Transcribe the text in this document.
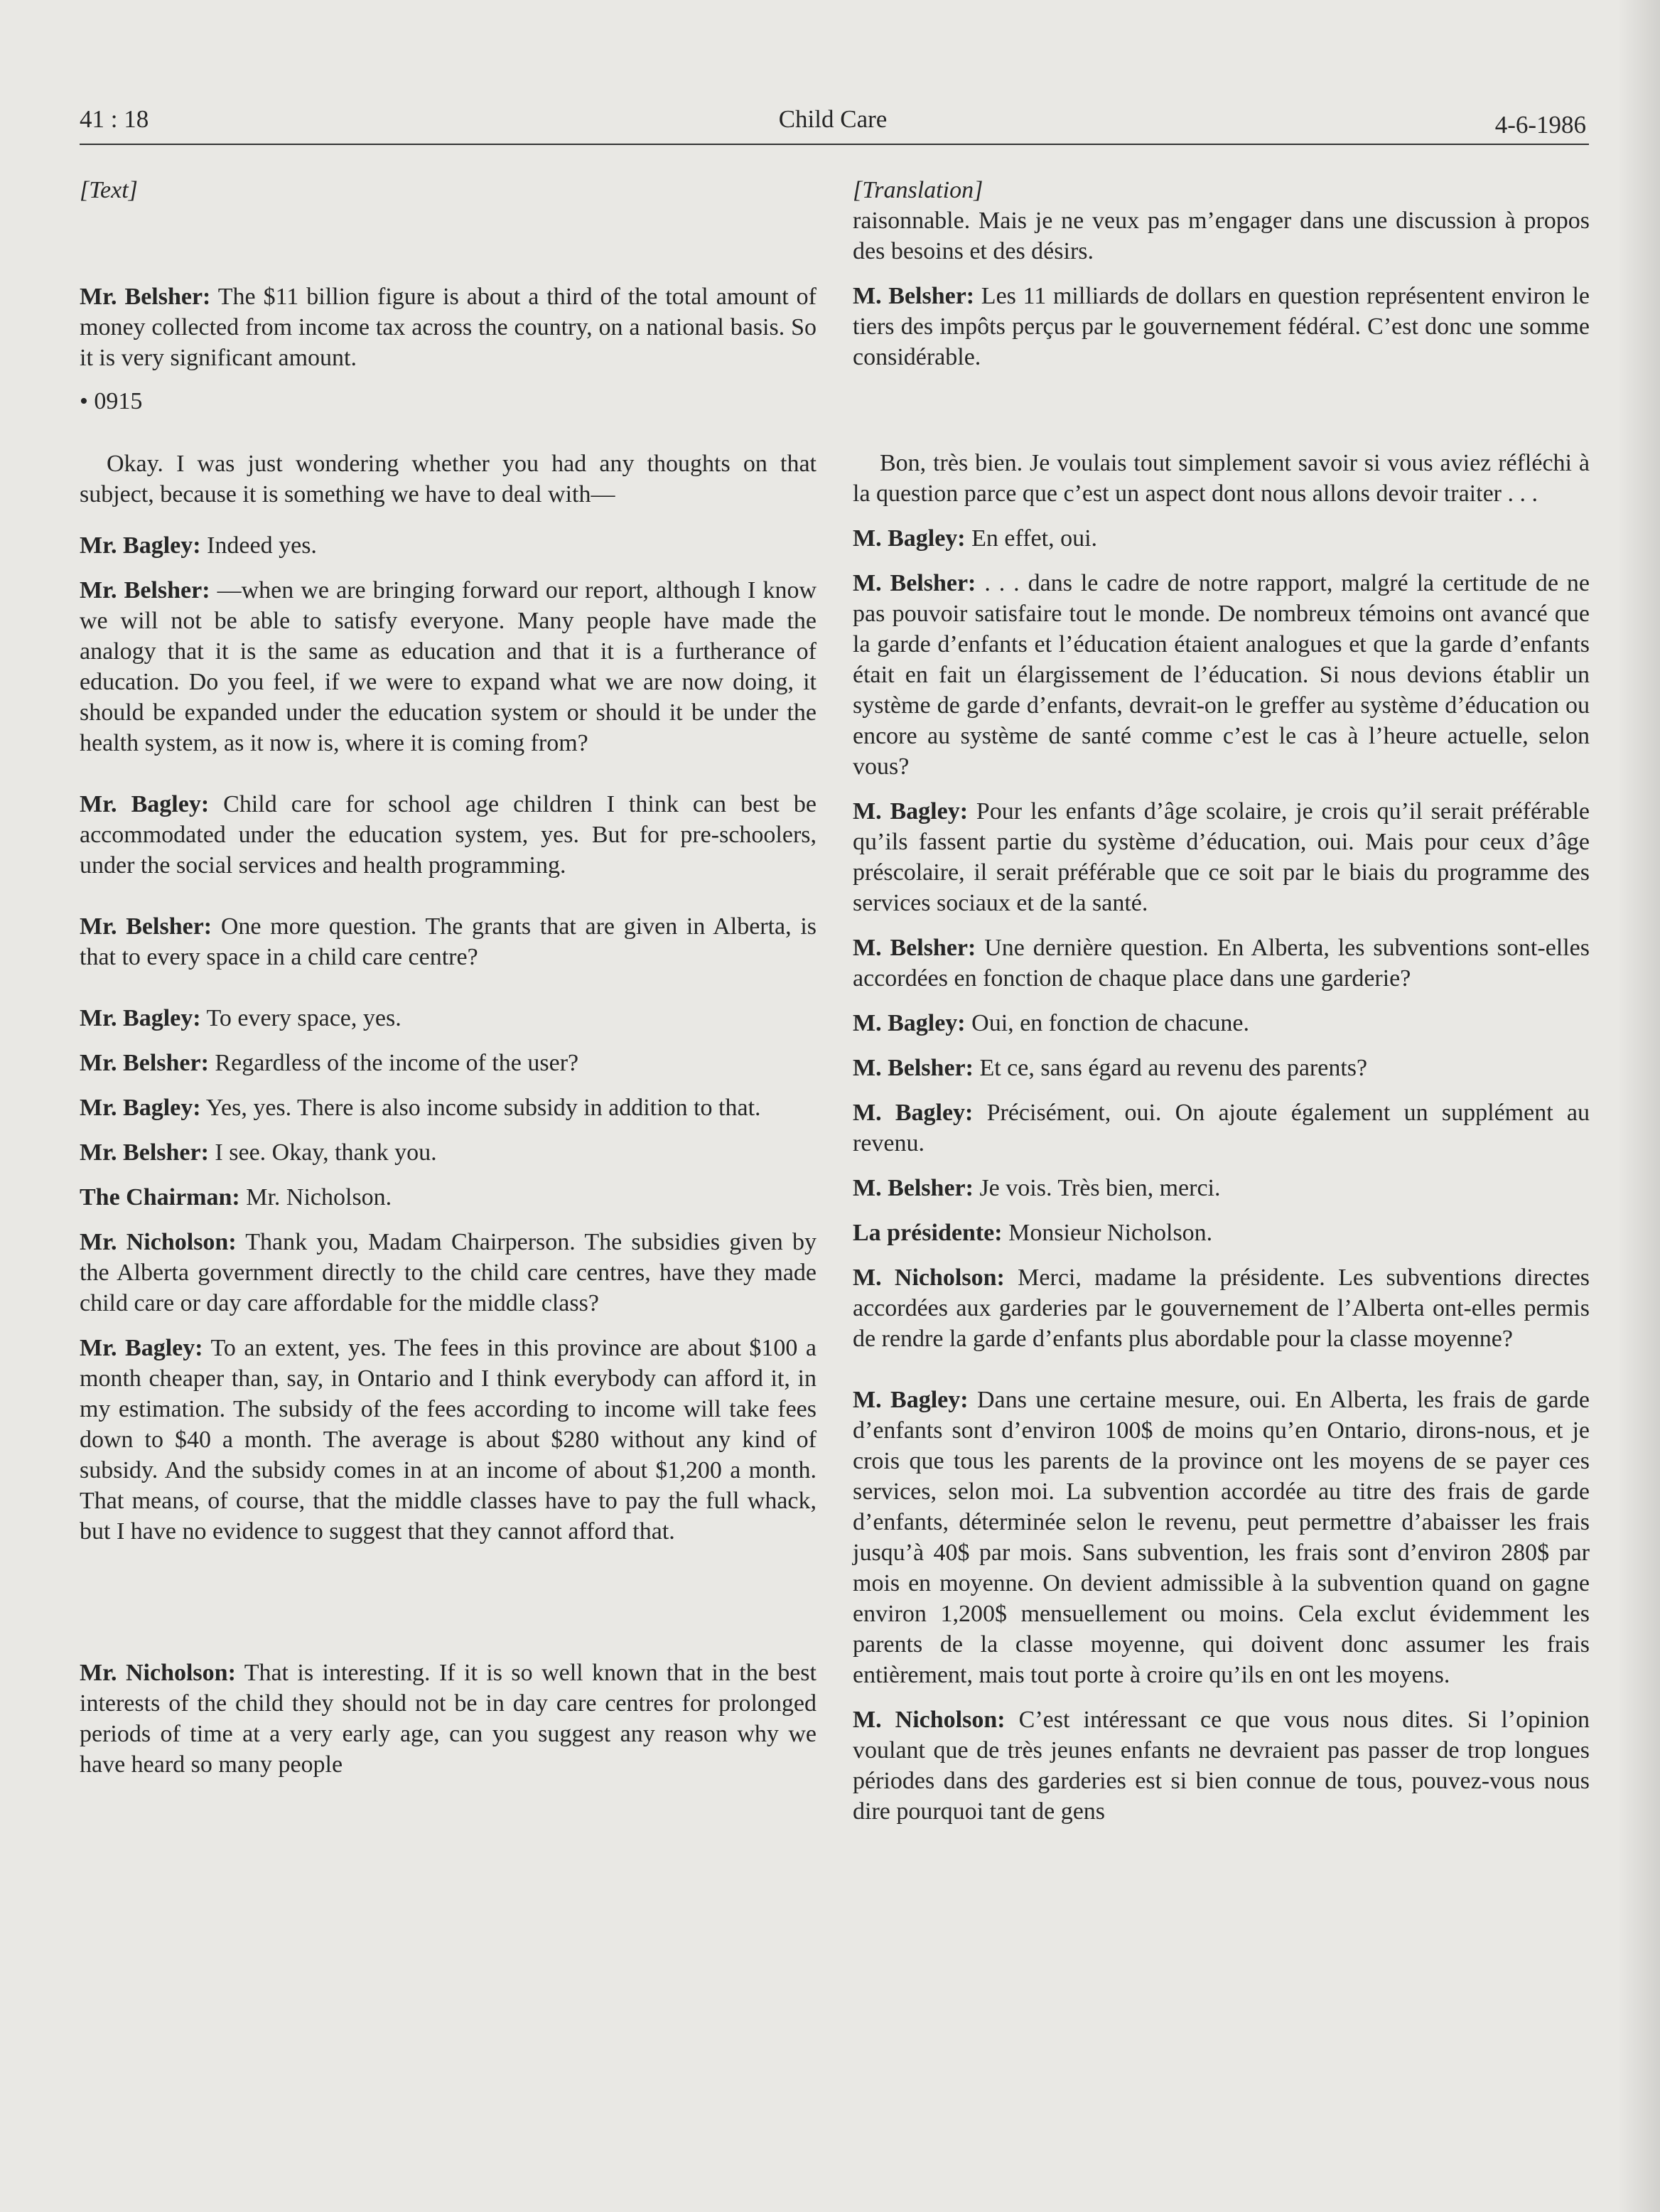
41 : 18	Child Care	4-6-1986

[Text]

Mr. Belsher: The $11 billion figure is about a third of the total amount of money collected from income tax across the country, on a national basis. So it is very significant amount.

• 0915

Okay. I was just wondering whether you had any thoughts on that subject, because it is something we have to deal with—

Mr. Bagley: Indeed yes.

Mr. Belsher: —when we are bringing forward our report, although I know we will not be able to satisfy everyone. Many people have made the analogy that it is the same as education and that it is a furtherance of education. Do you feel, if we were to expand what we are now doing, it should be expanded under the education system or should it be under the health system, as it now is, where it is coming from?

Mr. Bagley: Child care for school age children I think can best be accommodated under the education system, yes. But for pre-schoolers, under the social services and health programming.

Mr. Belsher: One more question. The grants that are given in Alberta, is that to every space in a child care centre?

Mr. Bagley: To every space, yes.

Mr. Belsher: Regardless of the income of the user?

Mr. Bagley: Yes, yes. There is also income subsidy in addition to that.

Mr. Belsher: I see. Okay, thank you.

The Chairman: Mr. Nicholson.

Mr. Nicholson: Thank you, Madam Chairperson. The subsidies given by the Alberta government directly to the child care centres, have they made child care or day care affordable for the middle class?

Mr. Bagley: To an extent, yes. The fees in this province are about $100 a month cheaper than, say, in Ontario and I think everybody can afford it, in my estimation. The subsidy of the fees according to income will take fees down to $40 a month. The average is about $280 without any kind of subsidy. And the subsidy comes in at an income of about $1,200 a month. That means, of course, that the middle classes have to pay the full whack, but I have no evidence to suggest that they cannot afford that.

Mr. Nicholson: That is interesting. If it is so well known that in the best interests of the child they should not be in day care centres for prolonged periods of time at a very early age, can you suggest any reason why we have heard so many people

[Translation]

raisonnable. Mais je ne veux pas m’engager dans une discussion à propos des besoins et des désirs.

M. Belsher: Les 11 milliards de dollars en question représentent environ le tiers des impôts perçus par le gouvernement fédéral. C’est donc une somme considérable.

Bon, très bien. Je voulais tout simplement savoir si vous aviez réfléchi à la question parce que c’est un aspect dont nous allons devoir traiter . . .

M. Bagley: En effet, oui.

M. Belsher: . . . dans le cadre de notre rapport, malgré la certitude de ne pas pouvoir satisfaire tout le monde. De nombreux témoins ont avancé que la garde d’enfants et l’éducation étaient analogues et que la garde d’enfants était en fait un élargissement de l’éducation. Si nous devions établir un système de garde d’enfants, devrait-on le greffer au système d’éducation ou encore au système de santé comme c’est le cas à l’heure actuelle, selon vous?

M. Bagley: Pour les enfants d’âge scolaire, je crois qu’il serait préférable qu’ils fassent partie du système d’éducation, oui. Mais pour ceux d’âge préscolaire, il serait préférable que ce soit par le biais du programme des services sociaux et de la santé.

M. Belsher: Une dernière question. En Alberta, les subventions sont-elles accordées en fonction de chaque place dans une garderie?

M. Bagley: Oui, en fonction de chacune.

M. Belsher: Et ce, sans égard au revenu des parents?

M. Bagley: Précisément, oui. On ajoute également un supplément au revenu.

M. Belsher: Je vois. Très bien, merci.

La présidente: Monsieur Nicholson.

M. Nicholson: Merci, madame la présidente. Les subventions directes accordées aux garderies par le gouvernement de l’Alberta ont-elles permis de rendre la garde d’enfants plus abordable pour la classe moyenne?

M. Bagley: Dans une certaine mesure, oui. En Alberta, les frais de garde d’enfants sont d’environ 100$ de moins qu’en Ontario, dirons-nous, et je crois que tous les parents de la province ont les moyens de se payer ces services, selon moi. La subvention accordée au titre des frais de garde d’enfants, déterminée selon le revenu, peut permettre d’abaisser les frais jusqu’à 40$ par mois. Sans subvention, les frais sont d’environ 280$ par mois en moyenne. On devient admissible à la subvention quand on gagne environ 1,200$ mensuellement ou moins. Cela exclut évidemment les parents de la classe moyenne, qui doivent donc assumer les frais entièrement, mais tout porte à croire qu’ils en ont les moyens.

M. Nicholson: C’est intéressant ce que vous nous dites. Si l’opinion voulant que de très jeunes enfants ne devraient pas passer de trop longues périodes dans des garderies est si bien connue de tous, pouvez-vous nous dire pourquoi tant de gens
